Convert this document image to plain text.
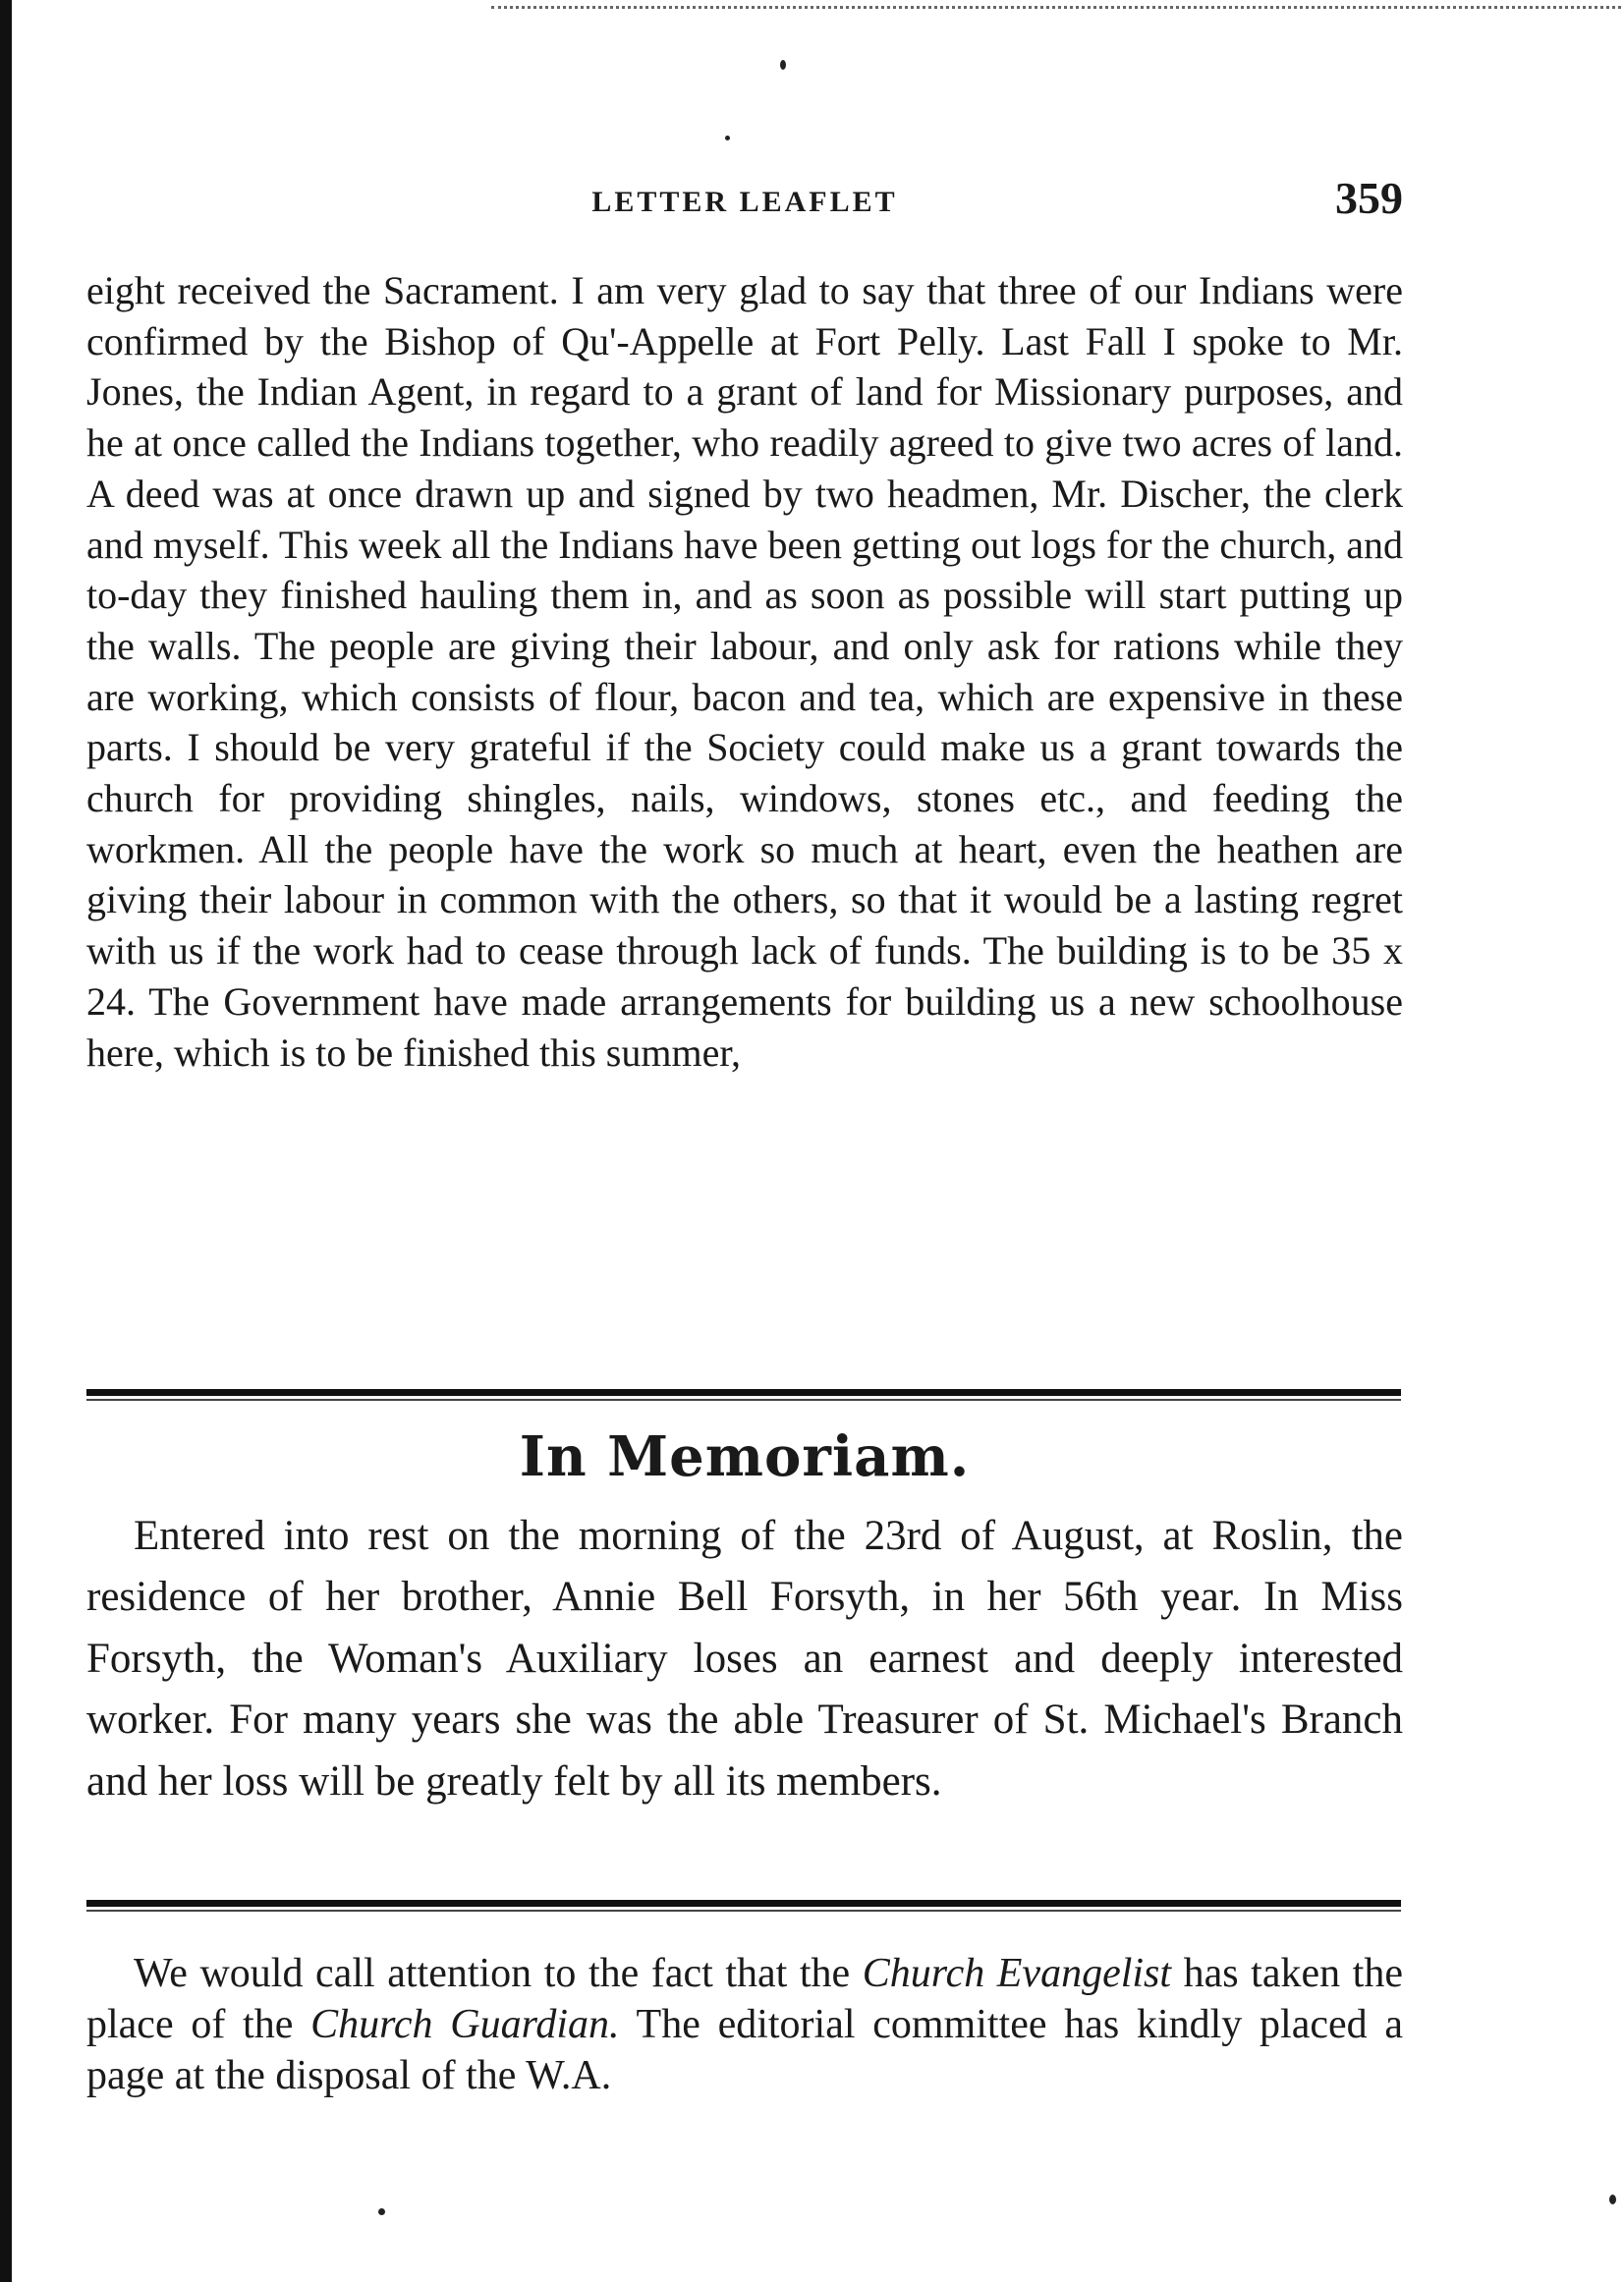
LETTER LEAFLET	359
eight received the Sacrament. I am very glad to say that three of our Indians were confirmed by the Bishop of Qu'-Appelle at Fort Pelly. Last Fall I spoke to Mr. Jones, the Indian Agent, in regard to a grant of land for Missionary purposes, and he at once called the Indians together, who readily agreed to give two acres of land. A deed was at once drawn up and signed by two headmen, Mr. Discher, the clerk and myself. This week all the Indians have been getting out logs for the church, and to-day they finished hauling them in, and as soon as possible will start putting up the walls. The people are giving their labour, and only ask for rations while they are working, which consists of flour, bacon and tea, which are expensive in these parts. I should be very grateful if the Society could make us a grant towards the church for providing shingles, nails, windows, stones etc., and feeding the workmen. All the people have the work so much at heart, even the heathen are giving their labour in common with the others, so that it would be a lasting regret with us if the work had to cease through lack of funds. The building is to be 35 x 24. The Government have made arrangements for building us a new schoolhouse here, which is to be finished this summer,
In Memoriam.
Entered into rest on the morning of the 23rd of August, at Roslin, the residence of her brother, Annie Bell Forsyth, in her 56th year. In Miss Forsyth, the Woman's Auxiliary loses an earnest and deeply interested worker. For many years she was the able Treasurer of St. Michael's Branch and her loss will be greatly felt by all its members.
We would call attention to the fact that the Church Evangelist has taken the place of the Church Guardian. The editorial committee has kindly placed a page at the disposal of the W.A.
